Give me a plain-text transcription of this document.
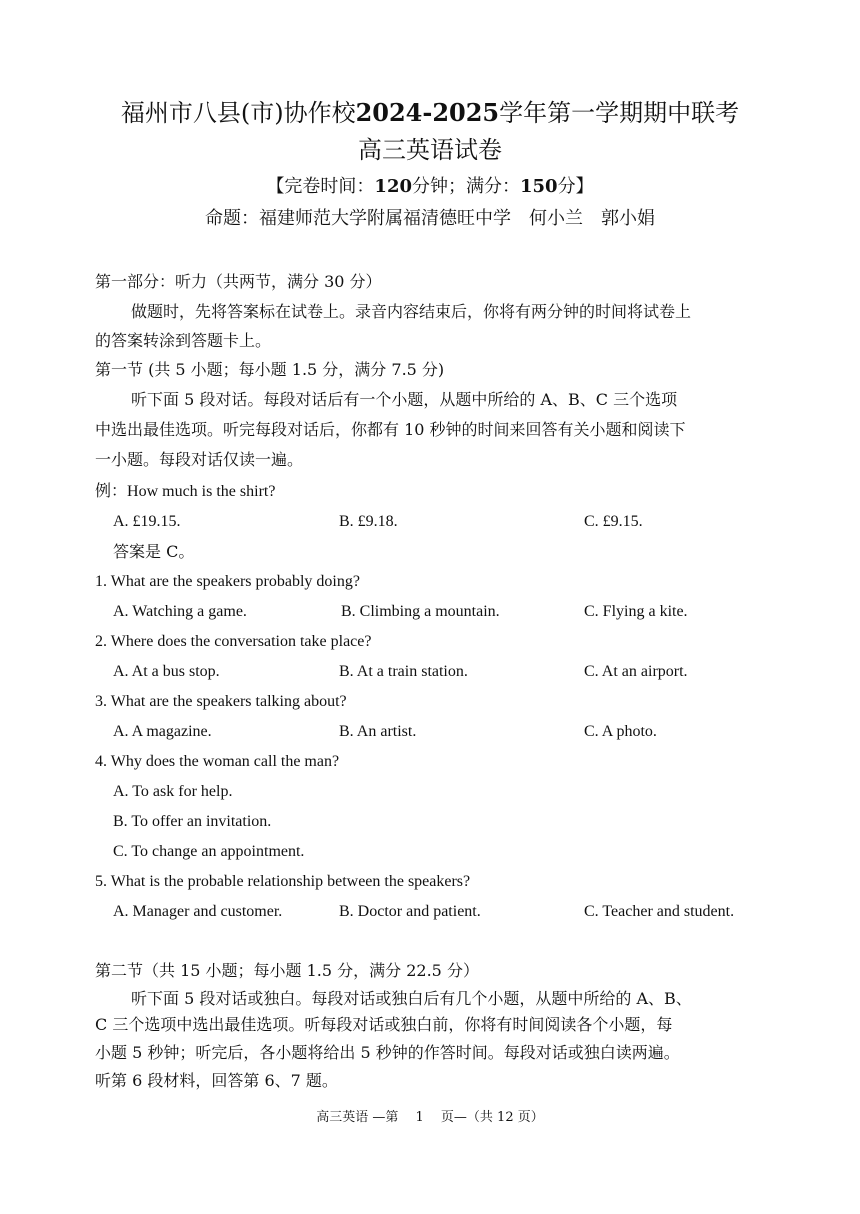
福州市八县(市)协作校2024-2025学年第一学期期中联考
高三英语试卷
【完卷时间：120分钟；满分：150分】
命题：福建师范大学附属福清德旺中学　何小兰　郭小娟
第一部分：听力（共两节，满分 30 分）
做题时，先将答案标在试卷上。录音内容结束后，你将有两分钟的时间将试卷上
的答案转涂到答题卡上。
第一节 (共 5 小题；每小题 1.5 分，满分 7.5 分)
听下面 5 段对话。每段对话后有一个小题，从题中所给的 A、B、C 三个选项
中选出最佳选项。听完每段对话后，你都有 10 秒钟的时间来回答有关小题和阅读下
一小题。每段对话仅读一遍。
例：How much is the shirt?
A. £19.15.	B. £9.18.	C. £9.15.
答案是 C。
1. What are the speakers probably doing?
A. Watching a game.	B. Climbing a mountain.	C. Flying a kite.
2. Where does the conversation take place?
A. At a bus stop.	B. At a train station.	C. At an airport.
3. What are the speakers talking about?
A. A magazine.	B. An artist.	C. A photo.
4. Why does the woman call the man?
A. To ask for help.
B. To offer an invitation.
C. To change an appointment.
5. What is the probable relationship between the speakers?
A. Manager and customer.	B. Doctor and patient.	C. Teacher and student.
第二节（共 15 小题；每小题 1.5 分，满分 22.5 分）
听下面 5 段对话或独白。每段对话或独白后有几个小题，从题中所给的 A、B、
C 三个选项中选出最佳选项。听每段对话或独白前，你将有时间阅读各个小题，每
小题 5 秒钟；听完后，各小题将给出 5 秒钟的作答时间。每段对话或独白读两遍。
听第 6 段材料，回答第 6、7 题。
高三英语 —第　 1　 页—（共 12 页）
